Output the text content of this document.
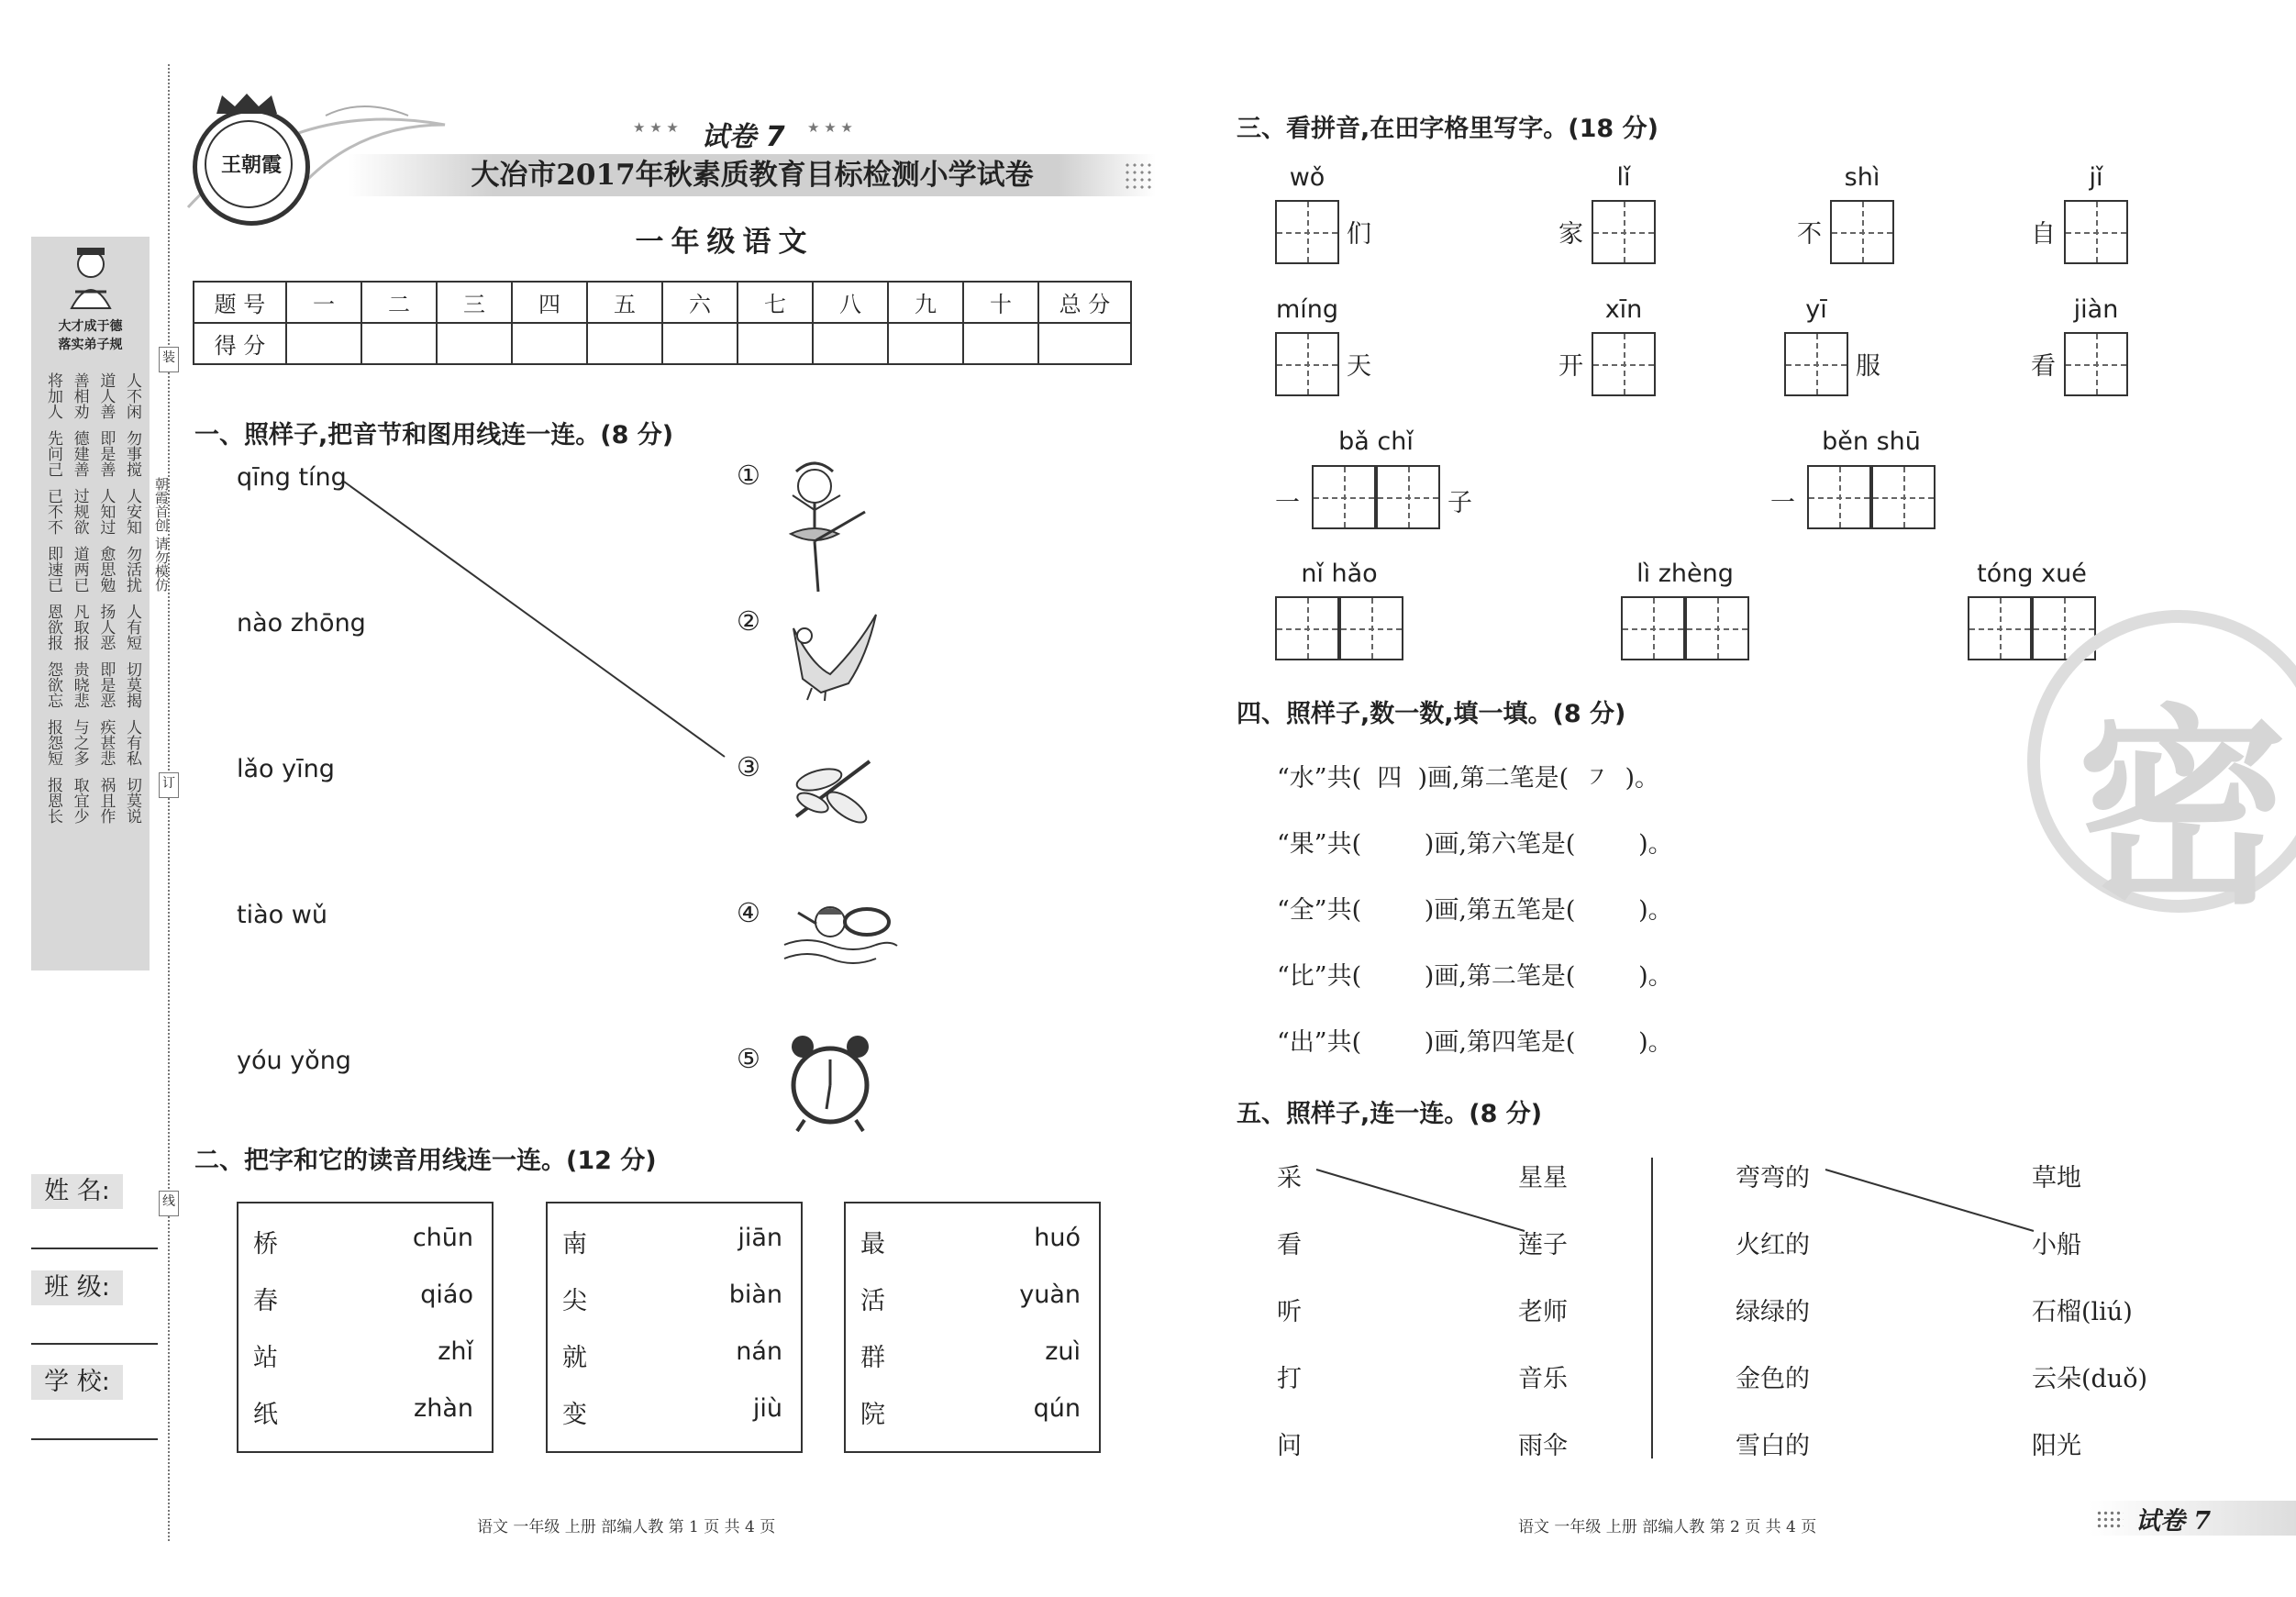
大才成于德
落实弟子规
人不闲
道人善
善相劝
将加人
勿事搅
即是善
德建善
先问己
人安知
人知过
过规欲
已不不
勿活扰
愈思勉
道两已
即速已
人有短
扬人恶
凡取报
恩欲报
切莫揭
即是恶
贵晓悲
怨欲忘
人有私
疾甚悲
与之多
报怨短
切莫说
祸且作
取宜少
报恩长
朝霞首创 请勿模仿
装
订
线
姓 名:
班 级:
学 校:
王朝霞
★ ★ ★	★ ★ ★
试卷 7
大冶市2017年秋素质教育目标检测小学试卷
一年级语文
题 号	一	二	三	四	五	六	七	八	九	十	总 分
得 分											
一、照样子,把音节和图用线连一连。(8 分)
qīng tíng	①
nào zhōng	②
lǎo yīng	③
tiào wǔ	④
yóu yǒng	⑤
二、把字和它的读音用线连一连。(12 分)
桥	chūn
春	qiáo
站	zhǐ
纸	zhàn
南	jiān
尖	biàn
就	nán
变	jiù
最	huó
活	yuàn
群	zuì
院	qún
三、看拼音,在田字格里写字。(18 分)
wǒ
们
lǐ
家
shì
不
jǐ
自
míng
天
xīn
开
yī
服
jiàn
看
bǎ chǐ
一	子
běn shū
一
nǐ hǎo	lì zhèng	tóng xué
四、照样子,数一数,填一填。(8 分)
“水”共(  四  )画,第二笔是(  ㇇  )。
“果”共(        )画,第六笔是(        )。
“全”共(        )画,第五笔是(        )。
“比”共(        )画,第二笔是(        )。
“出”共(        )画,第四笔是(        )。
五、照样子,连一连。(8 分)
采
看
听
打
问
星星
莲子
老师
音乐
雨伞
弯弯的
火红的
绿绿的
金色的
雪白的
草地
小船
石榴(liú)
云朵(duǒ)
阳光
密
语文 一年级 上册 部编人教 第 1 页 共 4 页	语文 一年级 上册 部编人教 第 2 页 共 4 页	试卷 7
